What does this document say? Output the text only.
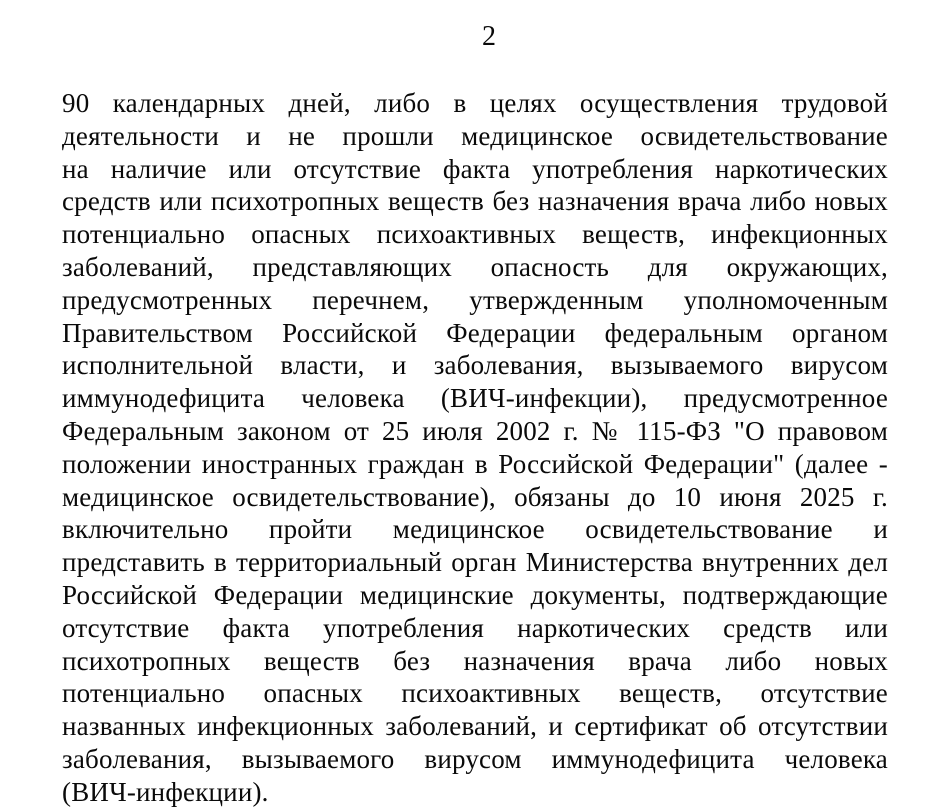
2
90 календарных дней, либо в целях осуществления трудовой
деятельности и не прошли медицинское освидетельствование
на наличие или отсутствие факта употребления наркотических
средств или психотропных веществ без назначения врача либо новых
потенциально опасных психоактивных веществ, инфекционных
заболеваний, представляющих опасность для окружающих,
предусмотренных перечнем, утвержденным уполномоченным
Правительством Российской Федерации федеральным органом
исполнительной власти, и заболевания, вызываемого вирусом
иммунодефицита человека (ВИЧ-инфекции), предусмотренное
Федеральным законом от 25 июля 2002 г. № 115-ФЗ "О правовом
положении иностранных граждан в Российской Федерации" (далее -
медицинское освидетельствование), обязаны до 10 июня 2025 г.
включительно пройти медицинское освидетельствование и
представить в территориальный орган Министерства внутренних дел
Российской Федерации медицинские документы, подтверждающие
отсутствие факта употребления наркотических средств или
психотропных веществ без назначения врача либо новых
потенциально опасных психоактивных веществ, отсутствие
названных инфекционных заболеваний, и сертификат об отсутствии
заболевания, вызываемого вирусом иммунодефицита человека
(ВИЧ-инфекции).
